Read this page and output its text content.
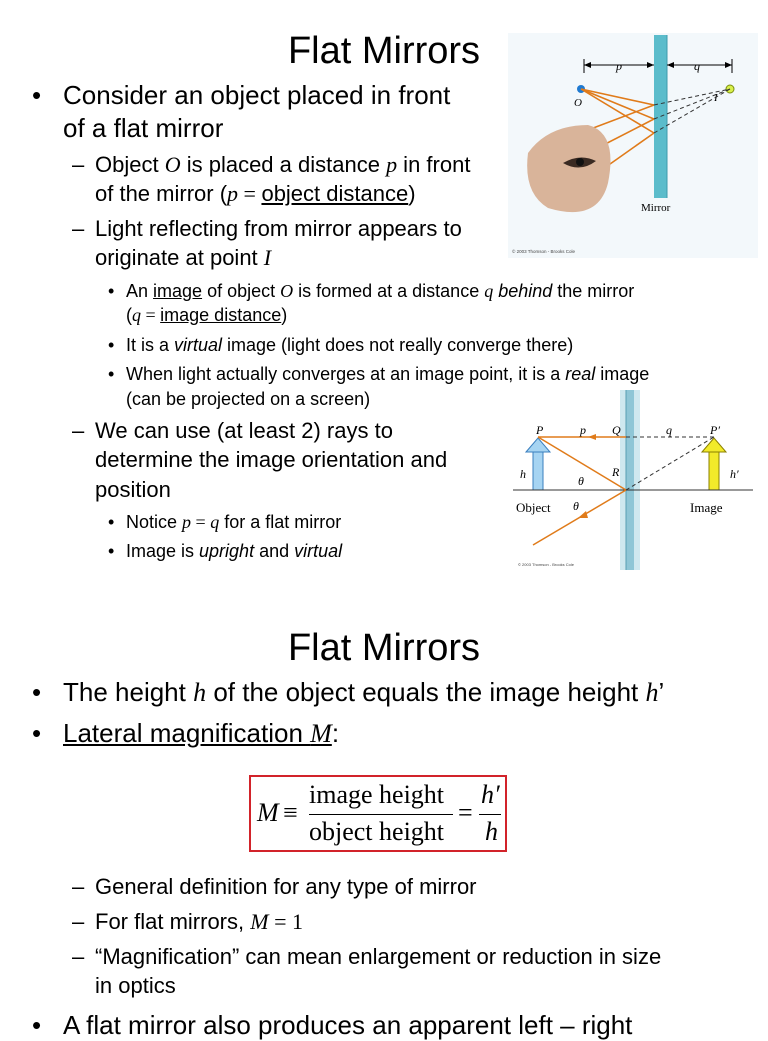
Flat Mirrors
• Consider an object placed in front
of a flat mirror
– Object O is placed a distance p in front
of the mirror (p = object distance)
– Light reflecting from mirror appears to
originate at point I
• An image of object O is formed at a distance q behind the mirror
(q = image distance)
• It is a virtual image (light does not really converge there)
• When light actually converges at an image point, it is a real image
(can be projected on a screen)
– We can use (at least 2) rays to
determine the image orientation and
position
• Notice p = q for a flat mirror
• Image is upright and virtual
p	q
O	I
Mirror
© 2003 Thomson - Brooks Cole
P	p Q	q	P′
h	h′
R
θ
θ
Object	Image
© 2003 Thomson - Brooks Cole
Flat Mirrors
• The height h of the object equals the image height h’
• Lateral magnification M:
M ≡
image height
object height
=
h′
h
– General definition for any type of mirror
– For flat mirrors, M = 1
– “Magnification” can mean enlargement or reduction in size
in optics
• A flat mirror also produces an apparent left – right
